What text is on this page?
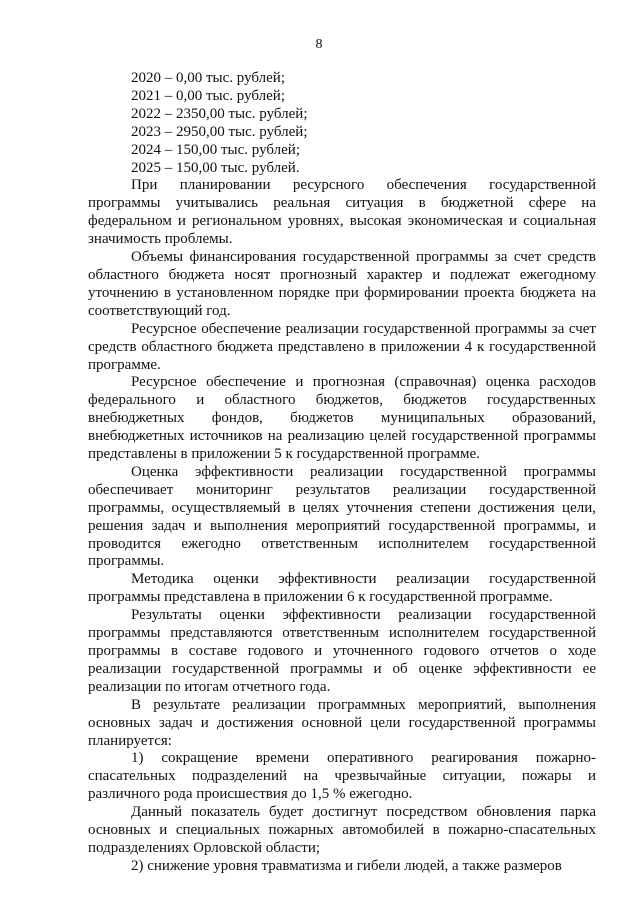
8

2020 – 0,00 тыс. рублей;

2021 – 0,00 тыс. рублей;

2022 – 2350,00 тыс. рублей;

2023 – 2950,00 тыс. рублей;

2024 – 150,00 тыс. рублей;

2025 – 150,00 тыс. рублей.

При планировании ресурсного обеспечения государственной программы учитывались реальная ситуация в бюджетной сфере на федеральном и региональном уровнях, высокая экономическая и социальная значимость проблемы.

Объемы финансирования государственной программы за счет средств областного бюджета носят прогнозный характер и подлежат ежегодному уточнению в установленном порядке при формировании проекта бюджета на соответствующий год.

Ресурсное обеспечение реализации государственной программы за счет средств областного бюджета представлено в приложении 4 к государственной программе.

Ресурсное обеспечение и прогнозная (справочная) оценка расходов федерального и областного бюджетов, бюджетов государственных внебюджетных фондов, бюджетов муниципальных образований, внебюджетных источников на реализацию целей государственной программы представлены в приложении 5 к государственной программе.

Оценка эффективности реализации государственной программы обеспечивает мониторинг результатов реализации государственной программы, осуществляемый в целях уточнения степени достижения цели, решения задач и выполнения мероприятий государственной программы, и проводится ежегодно ответственным исполнителем государственной программы.

Методика оценки эффективности реализации государственной программы представлена в приложении 6 к государственной программе.

Результаты оценки эффективности реализации государственной программы представляются ответственным исполнителем государственной программы в составе годового и уточненного годового отчетов о ходе реализации государственной программы и об оценке эффективности ее реализации по итогам отчетного года.

В результате реализации программных мероприятий, выполнения основных задач и достижения основной цели государственной программы планируется:

1) сокращение времени оперативного реагирования пожарно-спасательных подразделений на чрезвычайные ситуации, пожары и различного рода происшествия до 1,5 % ежегодно.

Данный показатель будет достигнут посредством обновления парка основных и специальных пожарных автомобилей в пожарно-спасательных подразделениях Орловской области;

2) снижение уровня травматизма и гибели людей, а также размеров
